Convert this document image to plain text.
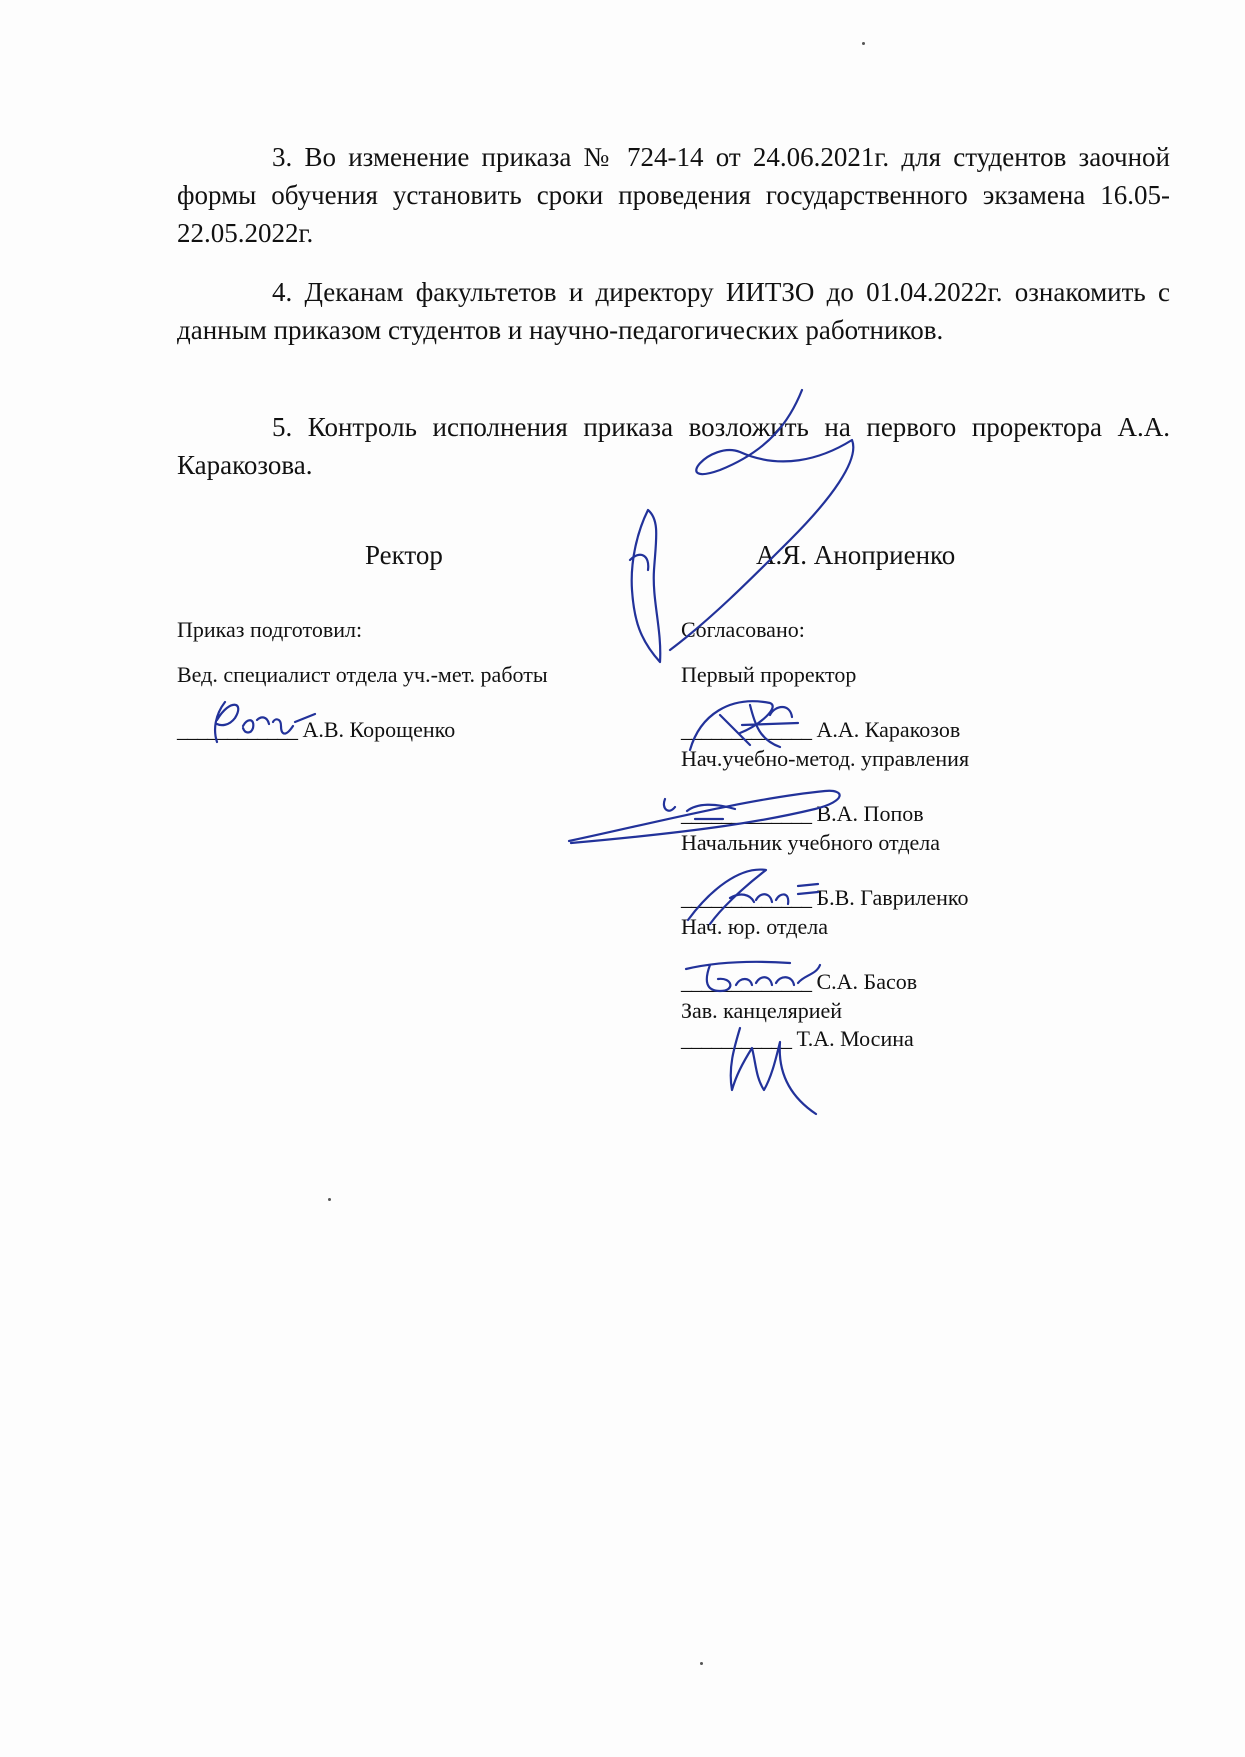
3. Во изменение приказа № 724-14 от 24.06.2021г. для студентов заочной формы обучения установить сроки проведения государственного экзамена 16.05-22.05.2022г.

4. Деканам факультетов и директору ИИТЗО до 01.04.2022г. ознакомить с данным приказом студентов и научно-педагогических работников.

5. Контроль исполнения приказа возложить на первого проректора А.А. Каракозова.

Ректор	А.Я. Аноприенко
Приказ подготовил:
Вед. специалист отдела уч.-мет. работы
____________ А.В. Корощенко
Согласовано:
Первый проректор
_____________ А.А. Каракозов
Нач.учебно-метод. управления
_____________ В.А. Попов
Начальник учебного отдела
_____________ Б.В. Гавриленко
Нач. юр. отдела
_____________ С.А. Басов
Зав. канцелярией
___________ Т.А. Мосина
